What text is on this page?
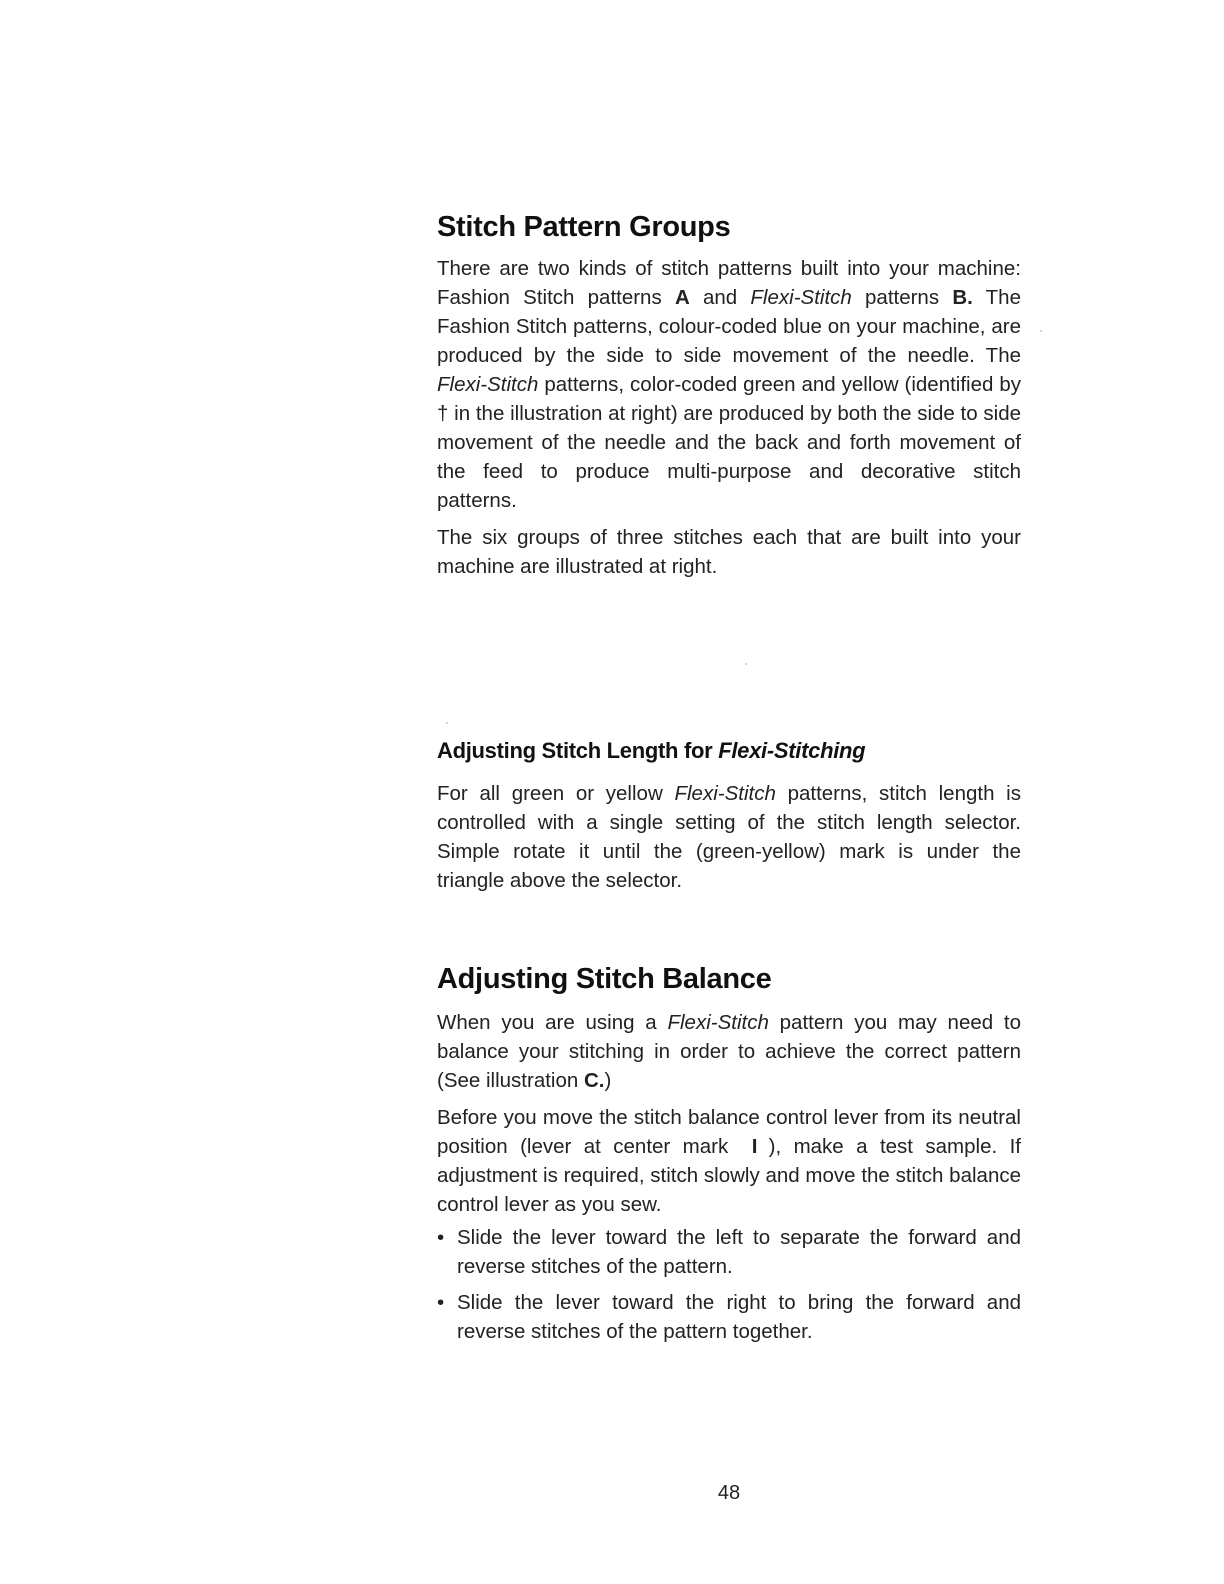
Stitch Pattern Groups

There are two kinds of stitch patterns built into your machine: Fashion Stitch patterns A and Flexi-Stitch patterns B. The Fashion Stitch patterns, colour-coded blue on your machine, are produced by the side to side movement of the needle. The Flexi-Stitch patterns, color-coded green and yellow (identified by † in the illustration at right) are produced by both the side to side movement of the needle and the back and forth movement of the feed to produce multi-purpose and decorative stitch patterns.

The six groups of three stitches each that are built into your machine are illustrated at right.

Adjusting Stitch Length for Flexi-Stitching

For all green or yellow Flexi-Stitch patterns, stitch length is controlled with a single setting of the stitch length selector. Simple rotate it until the (green-yellow) mark is under the triangle above the selector.

Adjusting Stitch Balance

When you are using a Flexi-Stitch pattern you may need to balance your stitching in order to achieve the correct pattern (See illustration C.)

Before you move the stitch balance control lever from its neutral position (lever at center mark I ), make a test sample. If adjustment is required, stitch slowly and move the stitch balance control lever as you sew.

• Slide the lever toward the left to separate the forward and reverse stitches of the pattern.
• Slide the lever toward the right to bring the forward and reverse stitches of the pattern together.
48
